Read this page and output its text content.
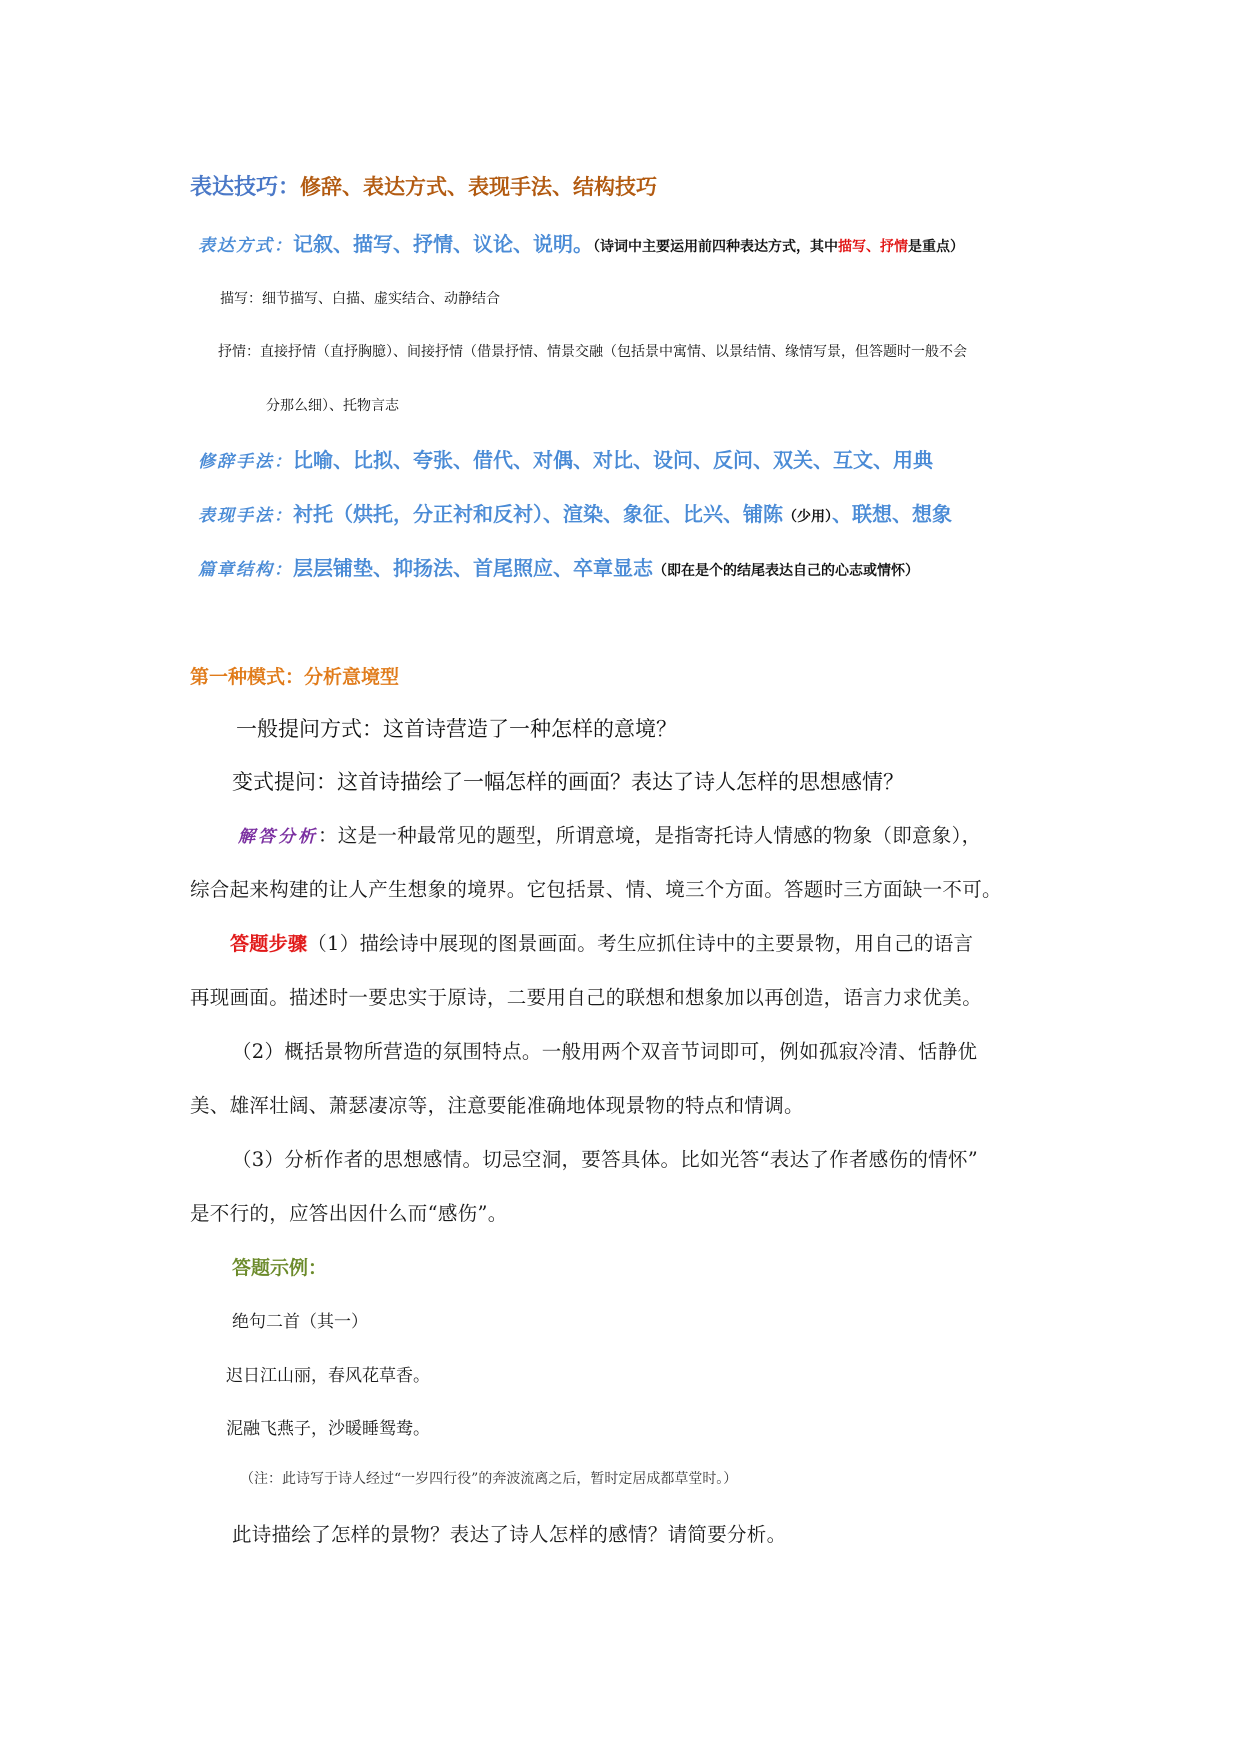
表达技巧：修辞、表达方式、表现手法、结构技巧
表达方式：记叙、描写、抒情、议论、说明。（诗词中主要运用前四种表达方式，其中描写、抒情是重点）
描写：细节描写、白描、虚实结合、动静结合
抒情：直接抒情（直抒胸臆）、间接抒情（借景抒情、情景交融（包括景中寓情、以景结情、缘情写景，但答题时一般不会
分那么细）、托物言志
修辞手法：比喻、比拟、夸张、借代、对偶、对比、设问、反问、双关、互文、用典
表现手法：衬托（烘托，分正衬和反衬）、渲染、象征、比兴、铺陈（少用）、联想、想象
篇章结构：层层铺垫、抑扬法、首尾照应、卒章显志（即在是个的结尾表达自己的心志或情怀）
第一种模式：分析意境型
一般提问方式：这首诗营造了一种怎样的意境？
变式提问：这首诗描绘了一幅怎样的画面？表达了诗人怎样的思想感情？
解答分析：这是一种最常见的题型，所谓意境，是指寄托诗人情感的物象（即意象），
综合起来构建的让人产生想象的境界。它包括景、情、境三个方面。答题时三方面缺一不可。
答题步骤（1）描绘诗中展现的图景画面。考生应抓住诗中的主要景物，用自己的语言
再现画面。描述时一要忠实于原诗，二要用自己的联想和想象加以再创造，语言力求优美。
（2）概括景物所营造的氛围特点。一般用两个双音节词即可，例如孤寂冷清、恬静优
美、雄浑壮阔、萧瑟凄凉等，注意要能准确地体现景物的特点和情调。
（3）分析作者的思想感情。切忌空洞，要答具体。比如光答“表达了作者感伤的情怀”
是不行的，应答出因什么而“感伤”。
答题示例：
绝句二首（其一）
迟日江山丽，春风花草香。
泥融飞燕子，沙暖睡鸳鸯。
（注：此诗写于诗人经过“一岁四行役”的奔波流离之后，暂时定居成都草堂时。）
此诗描绘了怎样的景物？表达了诗人怎样的感情？请简要分析。
